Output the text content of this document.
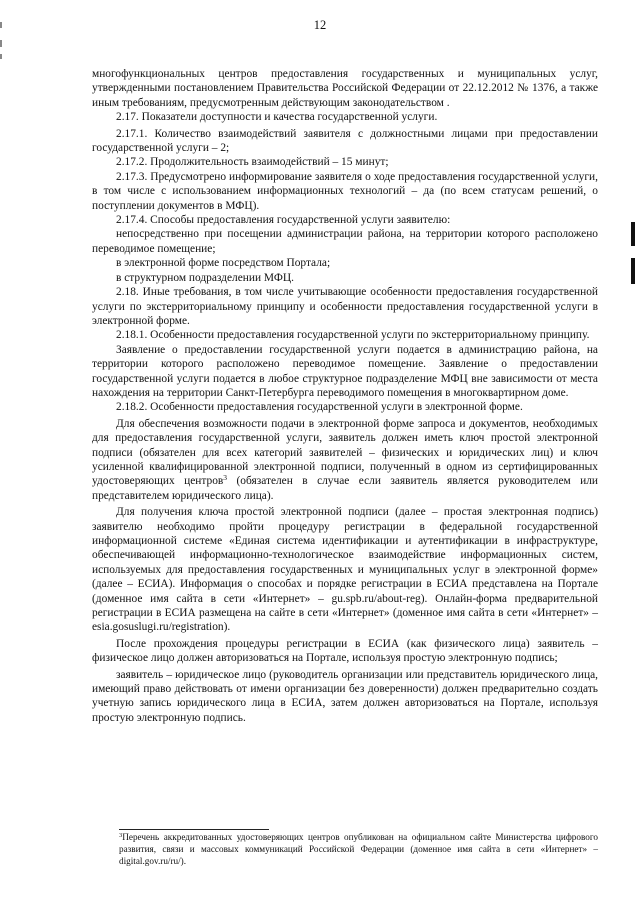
12

многофункциональных центров предоставления государственных и муниципальных услуг, утвержденными постановлением Правительства Российской Федерации от 22.12.2012 № 1376, а также иным требованиям, предусмотренным действующим законодательством .

2.17. Показатели доступности и качества государственной услуги.

2.17.1. Количество взаимодействий заявителя с должностными лицами при предоставлении государственной услуги – 2;

2.17.2. Продолжительность взаимодействий – 15 минут;

2.17.3. Предусмотрено информирование заявителя о ходе предоставления государственной услуги, в том числе с использованием информационных технологий – да (по всем статусам решений, о поступлении документов в МФЦ).

2.17.4. Способы предоставления государственной услуги заявителю:

непосредственно при посещении администрации района, на территории которого расположено переводимое помещение;

в электронной форме посредством Портала;

в структурном подразделении МФЦ.

2.18. Иные требования, в том числе учитывающие особенности предоставления государственной услуги по экстерриториальному принципу и особенности предоставления государственной услуги в электронной форме.

2.18.1. Особенности предоставления государственной услуги по экстерриториальному принципу.

Заявление о предоставлении государственной услуги подается в администрацию района, на территории которого расположено переводимое помещение. Заявление о предоставлении государственной услуги подается в любое структурное подразделение МФЦ вне зависимости от места нахождения на территории Санкт-Петербурга переводимого помещения в многоквартирном доме.

2.18.2. Особенности предоставления государственной услуги в электронной форме.

Для обеспечения возможности подачи в электронной форме запроса и документов, необходимых для предоставления государственной услуги, заявитель должен иметь ключ простой электронной подписи (обязателен для всех категорий заявителей – физических и юридических лиц) и ключ усиленной квалифицированной электронной подписи, полученный в одном из сертифицированных удостоверяющих центров$^3$ (обязателен в случае если заявитель является руководителем или представителем юридического лица).

Для получения ключа простой электронной подписи (далее – простая электронная подпись) заявителю необходимо пройти процедуру регистрации в федеральной государственной информационной системе «Единая система идентификации и аутентификации в инфраструктуре, обеспечивающей информационно-технологическое взаимодействие информационных систем, используемых для предоставления государственных и муниципальных услуг в электронной форме» (далее – ЕСИА). Информация о способах и порядке регистрации в ЕСИА представлена на Портале (доменное имя сайта в сети «Интернет» – gu.spb.ru/about-reg). Онлайн-форма предварительной регистрации в ЕСИА размещена на сайте в сети «Интернет» (доменное имя сайта в сети «Интернет» – esia.gosuslugi.ru/registration).

После прохождения процедуры регистрации в ЕСИА (как физического лица) заявитель – физическое лицо должен авторизоваться на Портале, используя простую электронную подпись;

заявитель – юридическое лицо (руководитель организации или представитель юридического лица, имеющий право действовать от имени организации без доверенности) должен предварительно создать учетную запись юридического лица в ЕСИА, затем должен авторизоваться на Портале, используя простую электронную подпись.

$^3$Перечень аккредитованных удостоверяющих центров опубликован на официальном сайте Министерства цифрового развития, связи и массовых коммуникаций Российской Федерации (доменное имя сайта в сети «Интернет» – digital.gov.ru/ru/).
